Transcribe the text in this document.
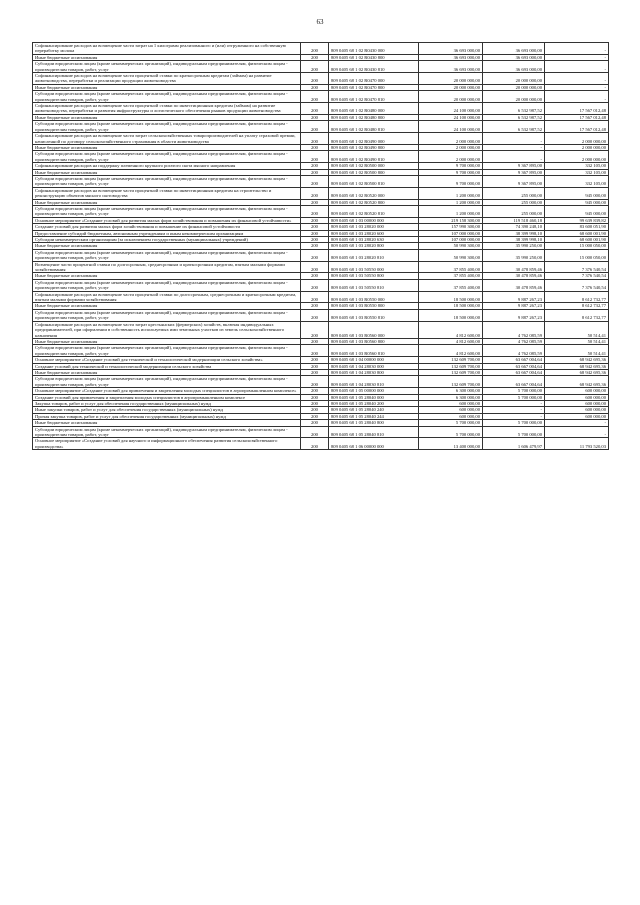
63
Софинансирование расходов на возмещение части затрат на 1 килограмм реализованного и (или) отгруженного на собственную переработку молока	200	809 0405 68 1 02 R0430 000	36 693 000,00	36 693 000,00	-
Иные бюджетные ассигнования	200	809 0405 68 1 02 R0430 800	36 693 000,00	36 693 000,00	-
Субсидии юридическим лицам (кроме некоммерческих организаций), индивидуальным предпринимателям, физическим лицам - производителям товаров, работ, услуг	200	809 0405 68 1 02 R0430 810	36 693 000,00	36 693 000,00	-
Софинансирование расходов на возмещение части процентной ставки по краткосрочным кредитам (займам) на развитие животноводства, переработки и реализации продукции животноводства	200	809 0405 68 1 02 R0470 000	20 000 000,00	20 000 000,00	-
Иные бюджетные ассигнования	200	809 0405 68 1 02 R0470 800	20 000 000,00	20 000 000,00	-
Субсидии юридическим лицам (кроме некоммерческих организаций), индивидуальным предпринимателям, физическим лицам - производителям товаров, работ, услуг	200	809 0405 68 1 02 R0470 810	20 000 000,00	20 000 000,00	-
Софинансирование расходов на возмещение части процентной ставки по инвестиционным кредитам (займам) на развитие животноводства, переработки и развития инфраструктуры и логистического обеспечения рынков продукции животноводства	200	809 0405 68 1 02 R0480 000	24 100 000,00	6 532 987,52	17 567 012,48
Иные бюджетные ассигнования	200	809 0405 68 1 02 R0480 800	24 100 000,00	6 532 987,52	17 567 012,48
Субсидии юридическим лицам (кроме некоммерческих организаций), индивидуальным предпринимателям, физическим лицам - производителям товаров, работ, услуг	200	809 0405 68 1 02 R0480 810	24 100 000,00	6 532 987,52	17 567 012,48
Софинансирование расходов на возмещение части затрат сельскохозяйственных товаропроизводителей на уплату страховой премии, начисленной по договору сельскохозяйственного страхования в области животноводства	200	809 0405 68 1 02 R0490 000	2 000 000,00	-	2 000 000,00
Иные бюджетные ассигнования	200	809 0405 68 1 02 R0490 800	2 000 000,00	-	2 000 000,00
Субсидии юридическим лицам (кроме некоммерческих организаций), индивидуальным предпринимателям, физическим лицам - производителям товаров, работ, услуг	200	809 0405 68 1 02 R0490 810	2 000 000,00	-	2 000 000,00
Софинансирование расходов на поддержку племенного крупного рогатого скота мясного направления	200	809 0405 68 1 02 R0500 000	9 700 000,00	9 367 895,00	332 105,00
Иные бюджетные ассигнования	200	809 0405 68 1 02 R0500 800	9 700 000,00	9 367 895,00	332 105,00
Субсидии юридическим лицам (кроме некоммерческих организаций), индивидуальным предпринимателям, физическим лицам - производителям товаров, работ, услуг	200	809 0405 68 1 02 R0500 810	9 700 000,00	9 367 895,00	332 105,00
Софинансирование расходов на возмещение части процентной ставки по инвестиционным кредитам на строительство и реконструкцию объектов мясного скотоводства	200	809 0405 68 1 02 R0520 000	1 200 000,00	255 000,00	945 000,00
Иные бюджетные ассигнования	200	809 0405 68 1 02 R0520 800	1 200 000,00	255 000,00	945 000,00
Субсидии юридическим лицам (кроме некоммерческих организаций), индивидуальным предпринимателям, физическим лицам - производителям товаров, работ, услуг	200	809 0405 68 1 02 R0520 810	1 200 000,00	255 000,00	945 000,00
Основное мероприятие «Создание условий для развития малых форм хозяйствования и повышения их финансовой устойчивости»	200	809 0405 68 1 03 00000 000	219 158 300,00	119 518 460,18	99 639 839,82
Создание условий для развития малых форм хозяйствования и повышение их финансовой устойчивости	200	809 0405 68 1 03 28020 000	157 990 300,00	74 390 248,10	83 600 051,90
Предоставление субсидий бюджетным, автономным учреждениям и иным некоммерческим организациям	200	809 0405 68 1 03 28020 600	107 000 000,00	38 399 998,10	68 600 001,90
Субсидии некоммерческим организациям (за исключением государственных (муниципальных) учреждений)	200	809 0405 68 1 03 28020 630	107 000 000,00	38 399 998,10	68 600 001,90
Иные бюджетные ассигнования	200	809 0405 68 1 03 28020 800	50 990 300,00	35 990 250,00	15 000 050,00
Субсидии юридическим лицам (кроме некоммерческих организаций), индивидуальным предпринимателям, физическим лицам - производителям товаров, работ, услуг	200	809 0405 68 1 03 28020 810	50 990 300,00	35 990 250,00	15 000 050,00
Возмещение части процентной ставки по долгосрочным, среднесрочным и краткосрочным кредитам, взятым малыми формами хозяйствования	200	809 0405 68 1 03 50550 000	37 855 400,00	30 478 859,46	7 376 540,54
Иные бюджетные ассигнования	200	809 0405 68 1 03 50550 800	37 855 400,00	30 478 859,46	7 376 540,54
Субсидии юридическим лицам (кроме некоммерческих организаций), индивидуальным предпринимателям, физическим лицам - производителям товаров, работ, услуг	200	809 0405 68 1 03 50550 810	37 855 400,00	30 478 859,46	7 376 540,54
Софинансирование расходов на возмещение части процентной ставки по долгосрочным, среднесрочным и краткосрочным кредитам, взятым малыми формами хозяйствования	200	809 0405 68 1 03 R0550 000	18 500 000,00	9 887 267,23	8 612 732,77
Иные бюджетные ассигнования	200	809 0405 68 1 03 R0550 800	18 500 000,00	9 887 267,23	8 612 732,77
Субсидии юридическим лицам (кроме некоммерческих организаций), индивидуальным предпринимателям, физическим лицам - производителям товаров, работ, услуг	200	809 0405 68 1 03 R0550 810	18 500 000,00	9 887 267,23	8 612 732,77
Софинансирование расходов на возмещение части затрат крестьянских (фермерских) хозяйств, включая индивидуальных предпринимателей, при оформлении в собственность используемых ими земельных участков из земель сельскохозяйственного назначения	200	809 0405 68 1 03 R0560 000	4 812 600,00	4 762 085,59	50 514,41
Иные бюджетные ассигнования	200	809 0405 68 1 03 R0560 800	4 812 600,00	4 762 085,59	50 514,41
Субсидии юридическим лицам (кроме некоммерческих организаций), индивидуальным предпринимателям, физическим лицам - производителям товаров, работ, услуг	200	809 0405 68 1 03 R0560 810	4 812 600,00	4 762 085,59	50 514,41
Основное мероприятие «Создание условий для технической и технологической модернизации сельского хозяйства»	200	809 0405 68 1 04 00000 000	132 609 700,00	63 667 004,64	68 942 695,36
Создание условий для технической и технологической модернизации сельского хозяйства	200	809 0405 68 1 04 28030 000	132 609 700,00	63 667 004,64	68 942 695,36
Иные бюджетные ассигнования	200	809 0405 68 1 04 28030 800	132 609 700,00	63 667 004,64	68 942 695,36
Субсидии юридическим лицам (кроме некоммерческих организаций), индивидуальным предпринимателям, физическим лицам - производителям товаров, работ, услуг	200	809 0405 68 1 04 28030 810	132 609 700,00	63 667 004,64	68 942 695,36
Основное мероприятие «Создание условий для привлечения и закрепления молодых специалистов в агропромышленном комплексе»	200	809 0405 68 1 05 00000 000	6 300 000,00	5 700 000,00	600 000,00
Создание условий для привлечения и закрепления молодых специалистов в агропромышленном комплексе	200	809 0405 68 1 05 28040 000	6 300 000,00	5 700 000,00	600 000,00
Закупка товаров, работ и услуг для обеспечения государственных (муниципальных) нужд	200	809 0405 68 1 05 28040 200	600 000,00	-	600 000,00
Иные закупки товаров, работ и услуг для обеспечения государственных (муниципальных) нужд	200	809 0405 68 1 05 28040 240	600 000,00	-	600 000,00
Прочая закупка товаров, работ и услуг для обеспечения государственных (муниципальных) нужд	200	809 0405 68 1 05 28040 244	600 000,00	-	600 000,00
Иные бюджетные ассигнования	200	809 0405 68 1 05 28040 800	5 700 000,00	5 700 000,00	-
Субсидии юридическим лицам (кроме некоммерческих организаций), индивидуальным предпринимателям, физическим лицам - производителям товаров, работ, услуг	200	809 0405 68 1 05 28040 810	5 700 000,00	5 700 000,00	-
Основное мероприятие «Создание условий для научного и информационного обеспечения развития сельскохозяйственного производства»	200	809 0405 68 1 06 00000 000	13 400 000,00	1 606 479,97	11 793 520,03
